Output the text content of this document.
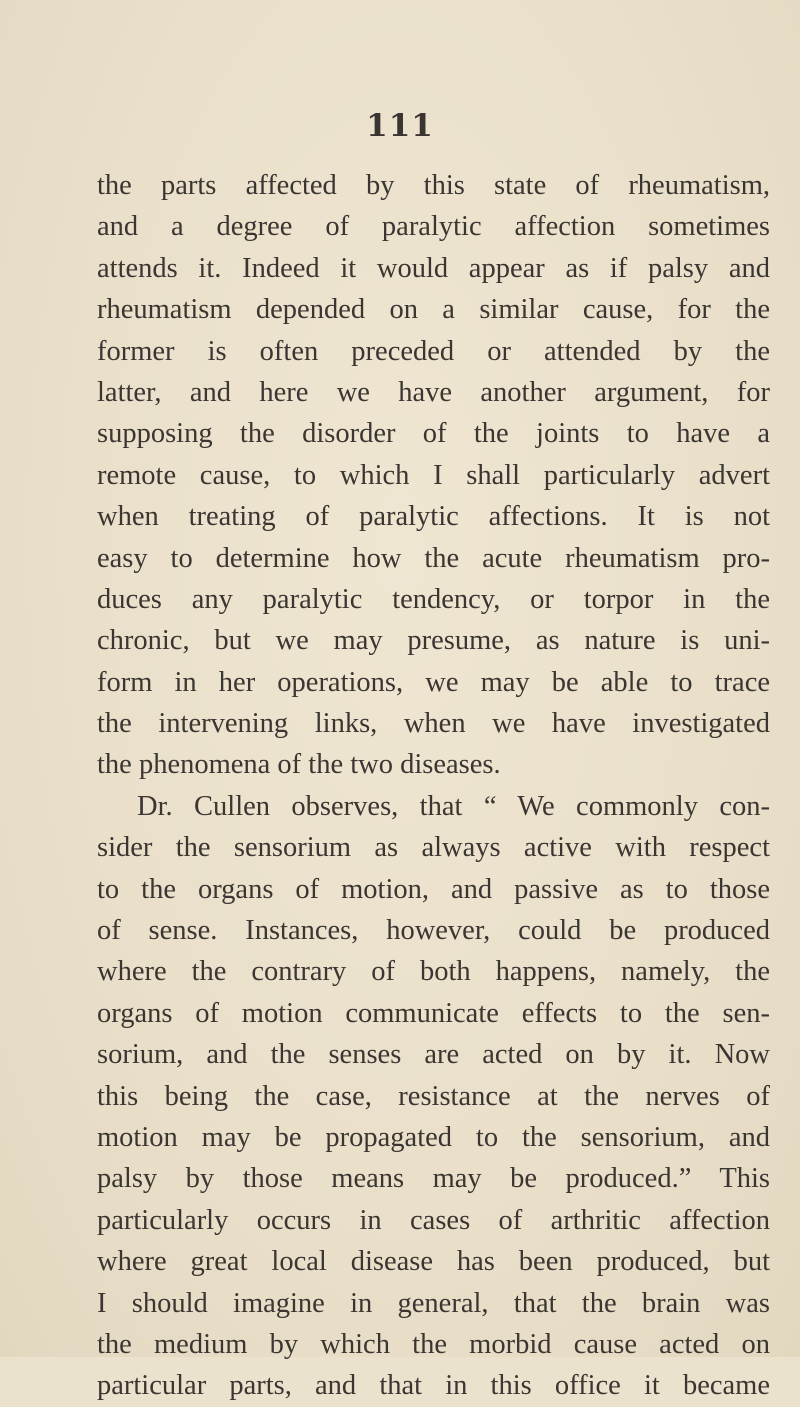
111
the parts affected by this state of rheumatism,
and a degree of paralytic affection sometimes
attends it. Indeed it would appear as if palsy and
rheumatism depended on a similar cause, for the
former is often preceded or attended by the
latter, and here we have another argument, for
supposing the disorder of the joints to have a
remote cause, to which I shall particularly advert
when treating of paralytic affections. It is not
easy to determine how the acute rheumatism pro-
duces any paralytic tendency, or torpor in the
chronic, but we may presume, as nature is uni-
form in her operations, we may be able to trace
the intervening links, when we have investigated
the phenomena of the two diseases.
Dr. Cullen observes, that “ We commonly con-
sider the sensorium as always active with respect
to the organs of motion, and passive as to those
of sense. Instances, however, could be produced
where the contrary of both happens, namely, the
organs of motion communicate effects to the sen-
sorium, and the senses are acted on by it. Now
this being the case, resistance at the nerves of
motion may be propagated to the sensorium, and
palsy by those means may be produced.” This
particularly occurs in cases of arthritic affection
where great local disease has been produced, but
I should imagine in general, that the brain was
the medium by which the morbid cause acted on
particular parts, and that in this office it became
